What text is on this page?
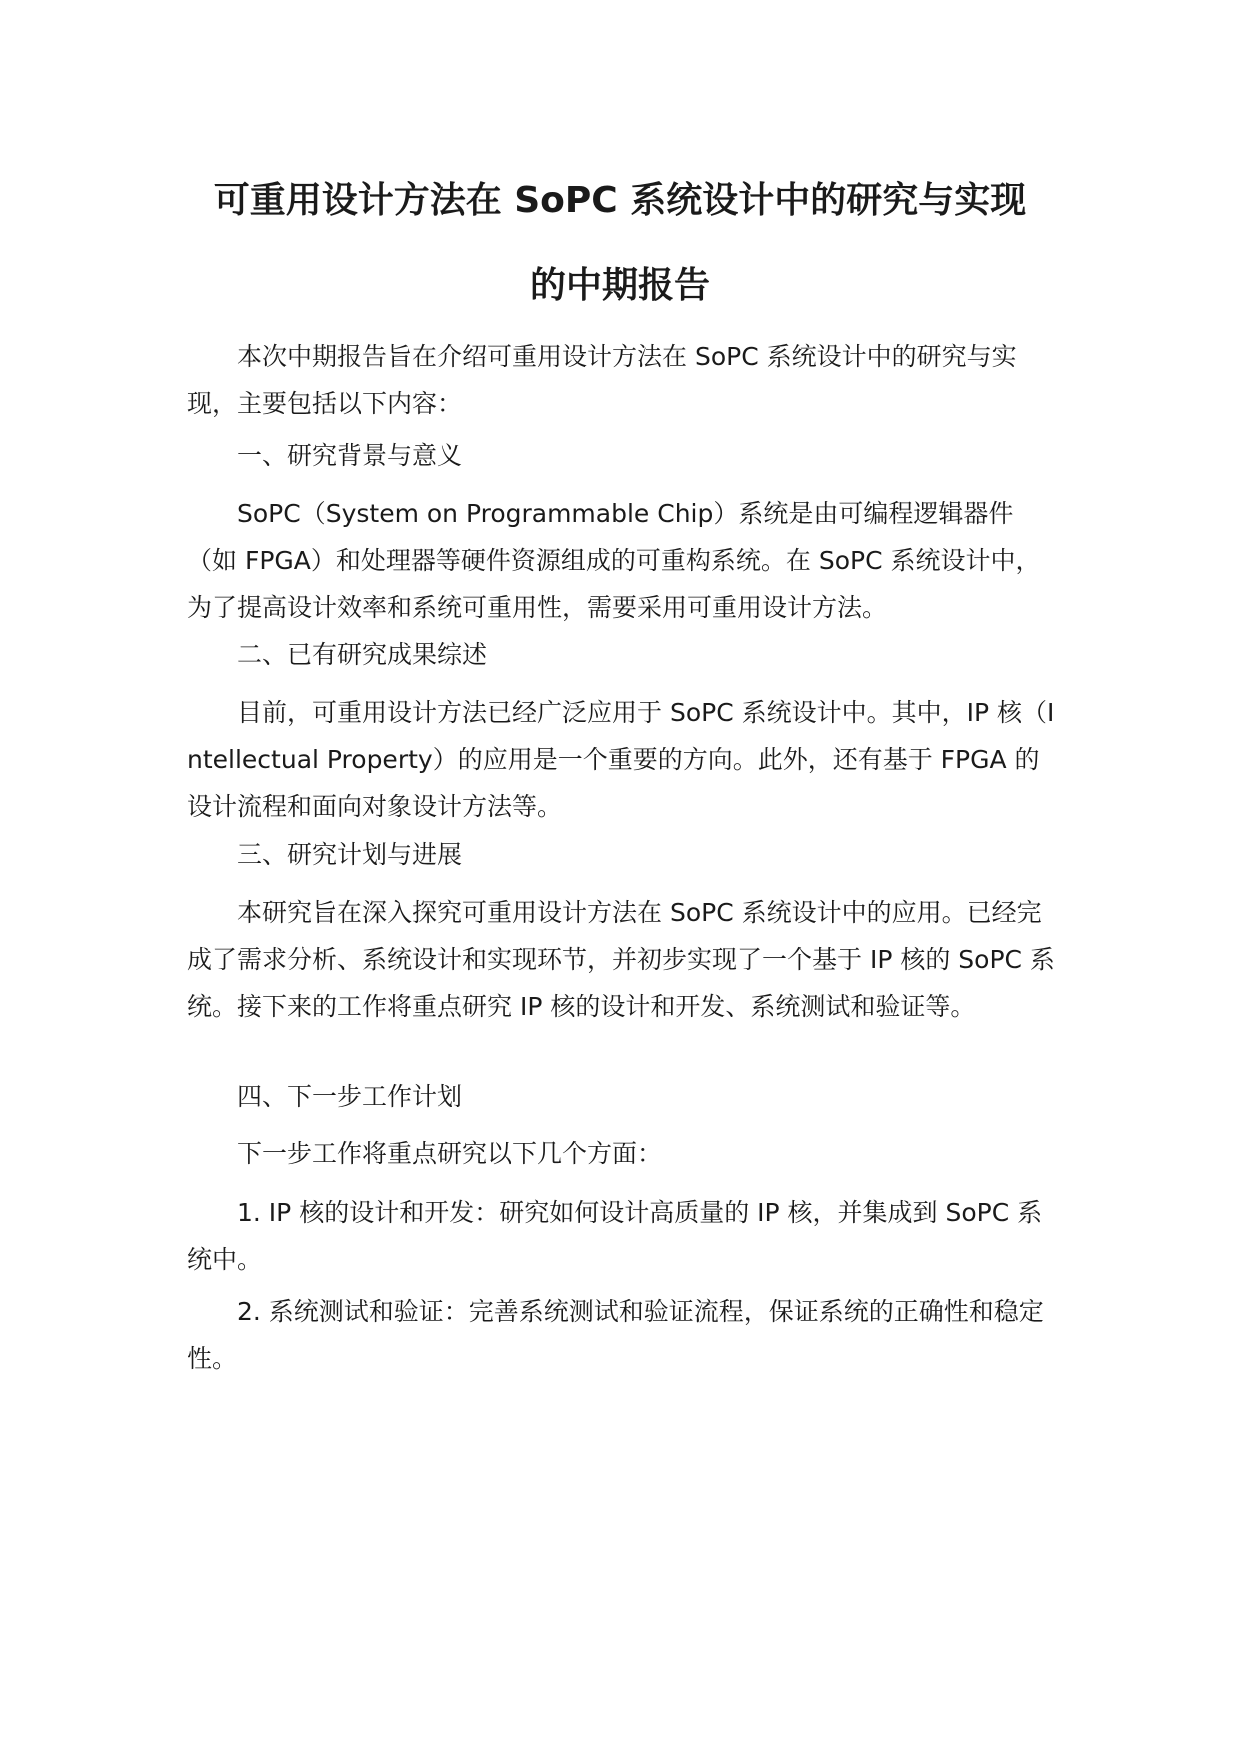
可重用设计方法在 SoPC 系统设计中的研究与实现
的中期报告

本次中期报告旨在介绍可重用设计方法在 SoPC 系统设计中的研究与实现，主要包括以下内容：

一、研究背景与意义

SoPC（System on Programmable Chip）系统是由可编程逻辑器件（如 FPGA）和处理器等硬件资源组成的可重构系统。在 SoPC 系统设计中，为了提高设计效率和系统可重用性，需要采用可重用设计方法。

二、已有研究成果综述

目前，可重用设计方法已经广泛应用于 SoPC 系统设计中。其中，IP 核（Intellectual Property）的应用是一个重要的方向。此外，还有基于 FPGA 的设计流程和面向对象设计方法等。

三、研究计划与进展

本研究旨在深入探究可重用设计方法在 SoPC 系统设计中的应用。已经完成了需求分析、系统设计和实现环节，并初步实现了一个基于 IP 核的 SoPC 系统。接下来的工作将重点研究 IP 核的设计和开发、系统测试和验证等。

四、下一步工作计划

下一步工作将重点研究以下几个方面：

1. IP 核的设计和开发：研究如何设计高质量的 IP 核，并集成到 SoPC 系统中。

2. 系统测试和验证：完善系统测试和验证流程，保证系统的正确性和稳定性。
